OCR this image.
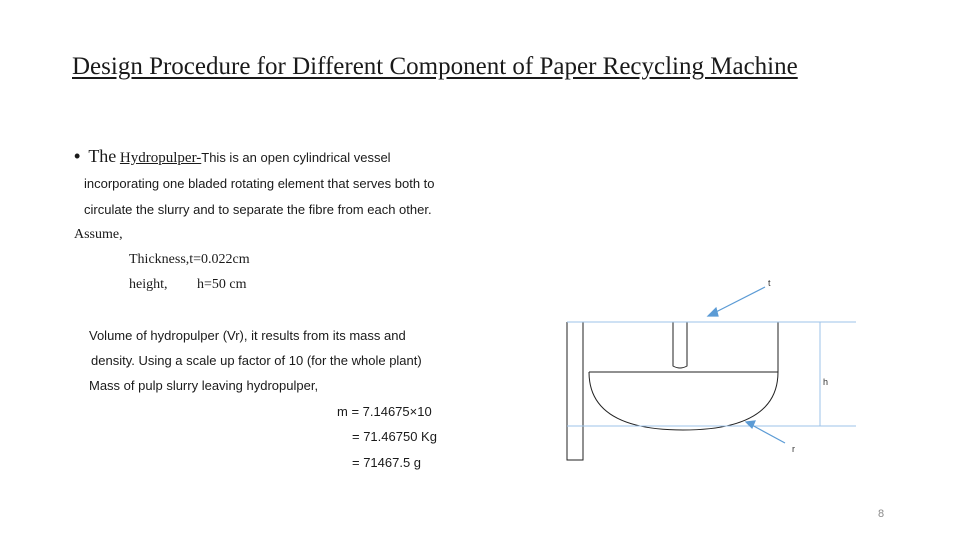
Design Procedure for Different Component of Paper Recycling Machine
• The Hydropulper-This is an open cylindrical vessel
incorporating one bladed rotating element that serves both to
circulate the slurry and to separate the fibre from each other.
Assume,
Thickness,t=0.022cm
height, h=50 cm
Volume of hydropulper (Vr), it results from its mass and
density. Using a scale up factor of 10 (for the whole plant)
Mass of pulp slurry leaving hydropulper,
m = 7.14675×10
= 71.46750 Kg
= 71467.5 g
t
h
r
8
